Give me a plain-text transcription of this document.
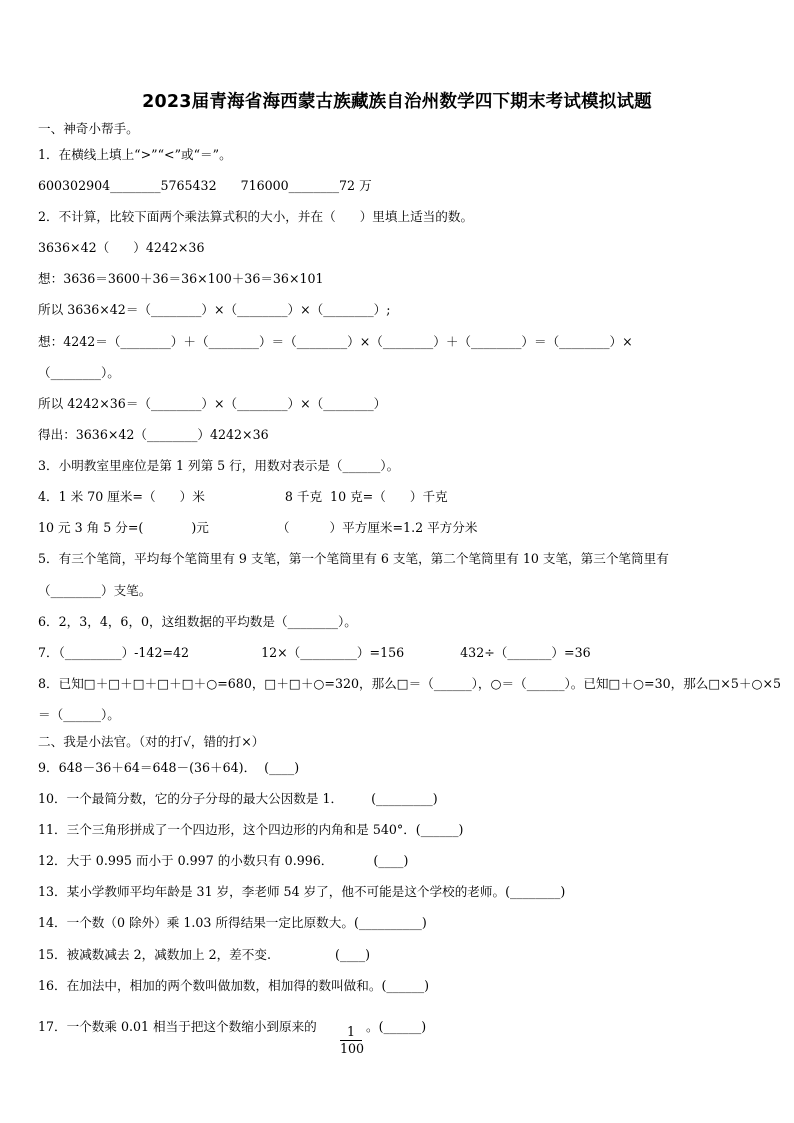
2023届青海省海西蒙古族藏族自治州数学四下期末考试模拟试题
一、神奇小帮手。
1．在横线上填上“>”“<”或“＝”。
600302904________5765432      716000________72 万
2．不计算，比较下面两个乘法算式积的大小，并在（      ）里填上适当的数。
3636×42（      ）4242×36
想：3636＝3600＋36＝36×100＋36＝36×101
所以 3636×42＝（________）×（________）×（________）;
想：4242＝（________）＋（________）＝（________）×（________）＋（________）＝（________）×
（________）。
所以 4242×36＝（________）×（________）×（________）
得出：3636×42（________）4242×36
3．小明教室里座位是第 1 列第 5 行，用数对表示是（______）。
4．1 米 70 厘米=（      ）米                    8 千克  10 克=（      ）千克
10 元 3 角 5 分=(            )元                 （          ）平方厘米=1.2 平方分米
5．有三个笔筒，平均每个笔筒里有 9 支笔，第一个笔筒里有 6 支笔，第二个笔筒里有 10 支笔，第三个笔筒里有
（________）支笔。
6．2，3，4，6，0，这组数据的平均数是（________）。
7．（_________）-142=42                  12×（_________）=156              432÷（_______）=36
8．已知□＋□＋□＋□＋□＋○=680，□＋□＋○=320，那么□＝（______），○＝（______）。已知□＋○=30，那么□×5＋○×5
＝（______）。
二、我是小法官。（对的打√，错的打×）
9．648－36＋64＝648－(36＋64)．  (____)
10．一个最简分数，它的分子分母的最大公因数是 1．       (_________)
11．三个三角形拼成了一个四边形，这个四边形的内角和是 540°．(______)
12．大于 0.995 而小于 0.997 的小数只有 0.996．          (____)
13．某小学教师平均年龄是 31 岁，李老师 54 岁了，他不可能是这个学校的老师。(________)
14．一个数（0 除外）乘 1.03 所得结果一定比原数大。(__________)
15．被减数减去 2，减数加上 2，差不变.                (____)
16．在加法中，相加的两个数叫做加数，相加得的数叫做和。(______)
17．一个数乘 0.01 相当于把这个数缩小到原来的 $\frac{1}{100}$ 。(______)
